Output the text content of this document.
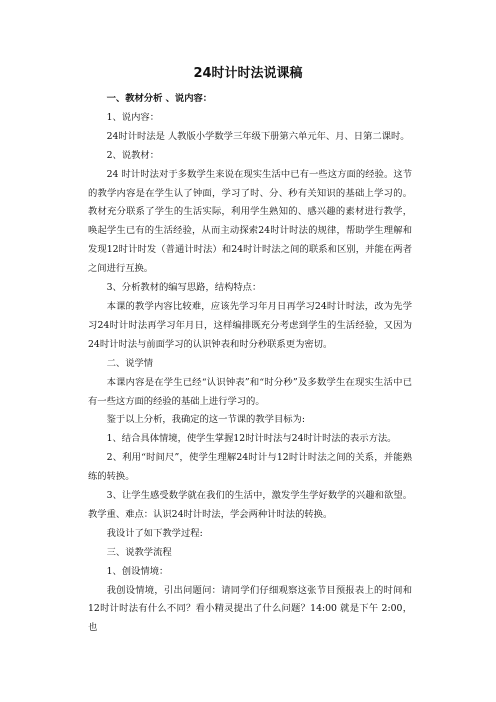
24时计时法说课稿

一、教材分析 、说内容：

1、说内容：

24时计时法是 人教版小学数学三年级下册第六单元年、月、日第二课时。

2、说教材：

24 时计时法对于多数学生来说在现实生活中已有一些这方面的经验。这节的教学内容是在学生认了钟面，学习了时、分、秒有关知识的基础上学习的。教材充分联系了学生的生活实际，利用学生熟知的、感兴趣的素材进行教学，唤起学生已有的生活经验，从而主动探索24时计时法的规律，帮助学生理解和发现12时计时发（普通计时法）和24时计时法之间的联系和区别，并能在两者之间进行互换。

3、分析教材的编写思路，结构特点：

本课的教学内容比较难，应该先学习年月日再学习24时计时法，改为先学习24时计时法再学习年月日，这样编排既充分考虑到学生的生活经验，又因为24时计时法与前面学习的认识钟表和时分秒联系更为密切。

二、说学情

本课内容是在学生已经“认识钟表”和“时分秒”及多数学生在现实生活中已有一些这方面的经验的基础上进行学习的。

鉴于以上分析，我确定的这一节课的教学目标为:

1、结合具体情境，使学生掌握12时计时法与24时计时法的表示方法。

2、利用“时间尺”，使学生理解24时计与12时计时法之间的关系，并能熟练的转换。

3、让学生感受数学就在我们的生活中，激发学生学好数学的兴趣和欲望。教学重、难点：认识24时计时法，学会两种计时法的转换。

我设计了如下教学过程:

三、说教学流程

1、创设情境：

我创设情境，引出问题问：请同学们仔细观察这张节目预报表上的时间和12时计时法有什么不同？看小精灵提出了什么问题？14:00 就是下午 2:00，也
